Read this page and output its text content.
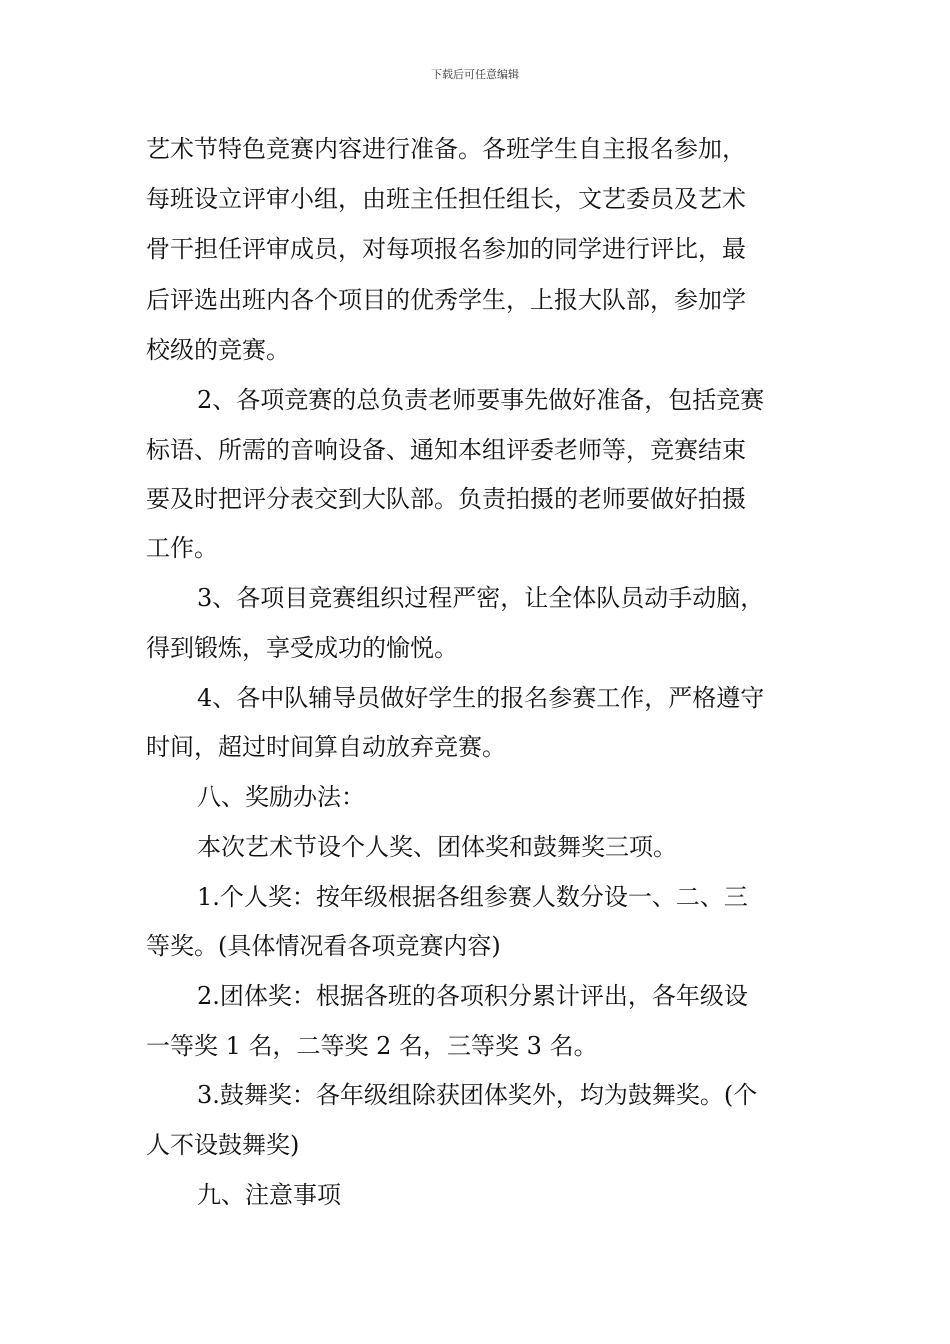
下载后可任意编辑
艺术节特色竞赛内容进行准备。各班学生自主报名参加，
每班设立评审小组，由班主任担任组长，文艺委员及艺术
骨干担任评审成员，对每项报名参加的同学进行评比，最
后评选出班内各个项目的优秀学生，上报大队部，参加学
校级的竞赛。
2、各项竞赛的总负责老师要事先做好准备，包括竞赛
标语、所需的音响设备、通知本组评委老师等，竞赛结束
要及时把评分表交到大队部。负责拍摄的老师要做好拍摄
工作。
3、各项目竞赛组织过程严密，让全体队员动手动脑，
得到锻炼，享受成功的愉悦。
4、各中队辅导员做好学生的报名参赛工作，严格遵守
时间，超过时间算自动放弃竞赛。
八、奖励办法：
本次艺术节设个人奖、团体奖和鼓舞奖三项。
1.个人奖：按年级根据各组参赛人数分设一、二、三
等奖。(具体情况看各项竞赛内容)
2.团体奖：根据各班的各项积分累计评出，各年级设
一等奖 1 名，二等奖 2 名，三等奖 3 名。
3.鼓舞奖：各年级组除获团体奖外，均为鼓舞奖。(个
人不设鼓舞奖)
九、注意事项
